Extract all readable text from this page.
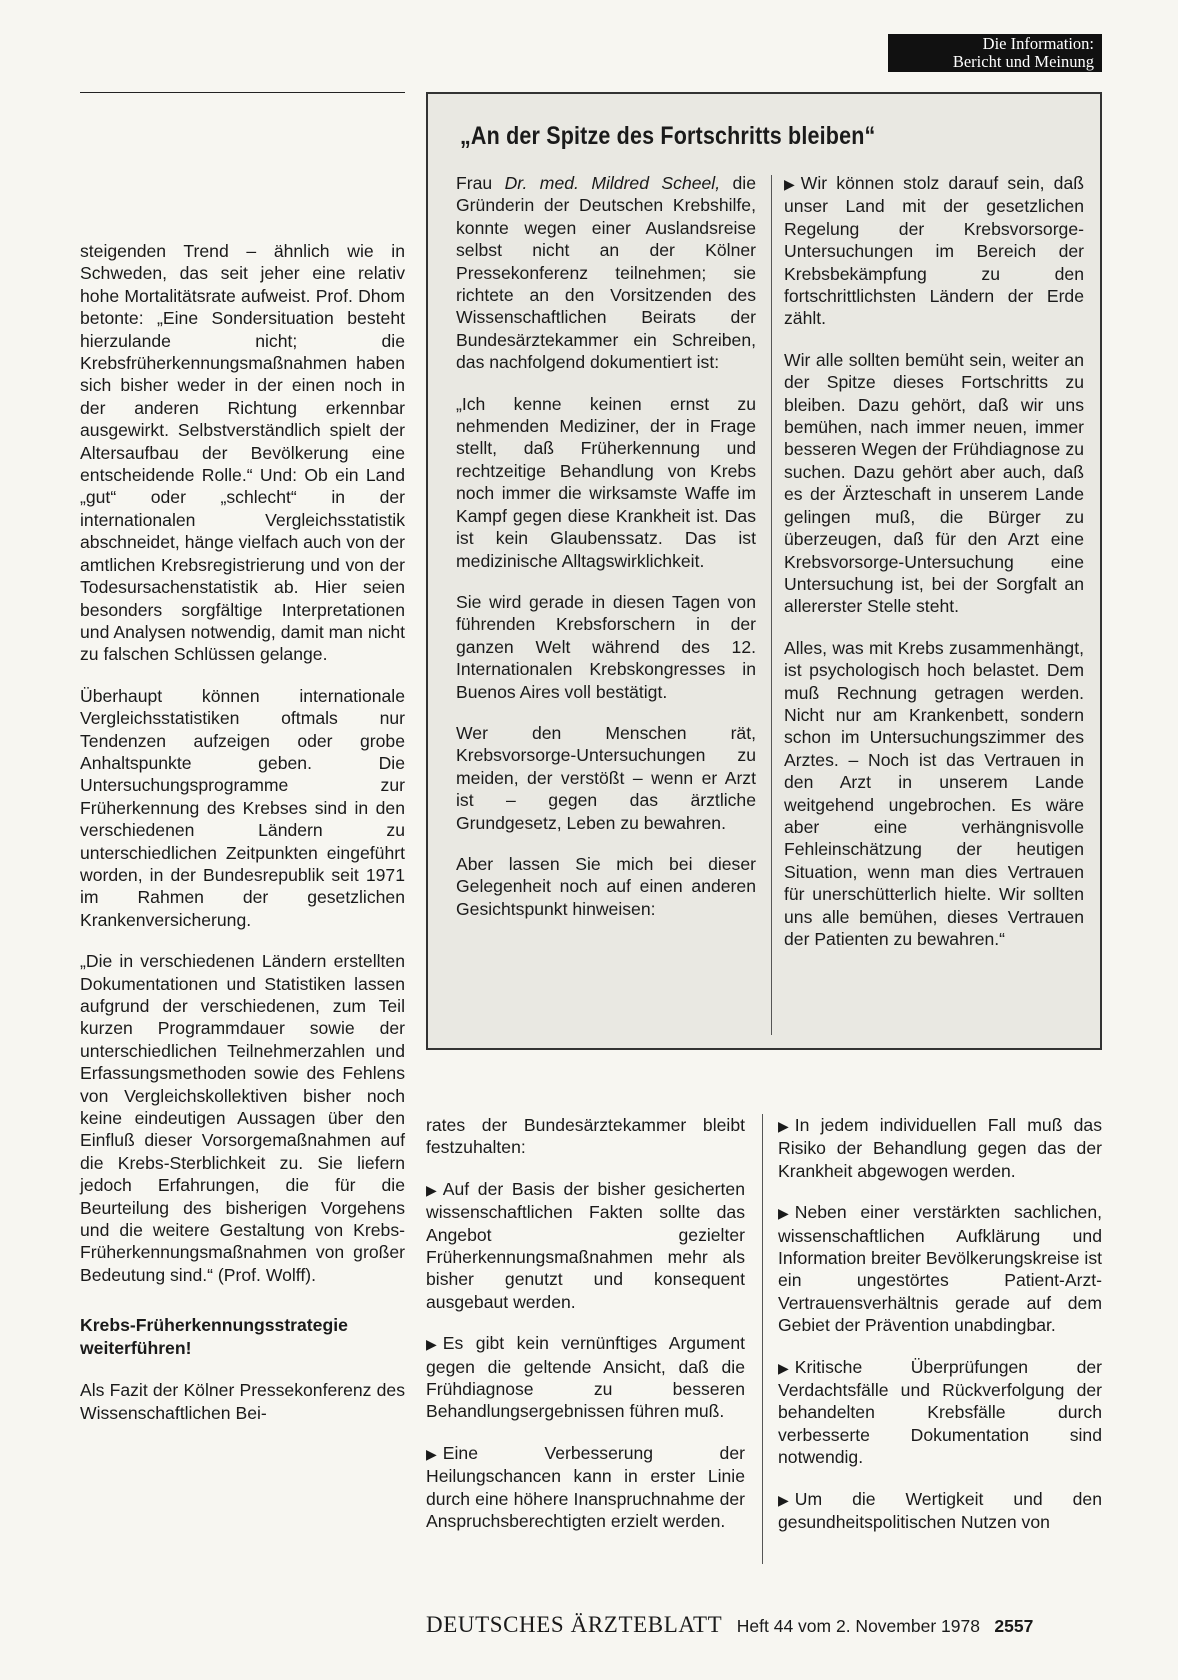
Die Information:
Bericht und Meinung

steigenden Trend – ähnlich wie in Schweden, das seit jeher eine relativ hohe Mortalitätsrate aufweist. Prof. Dhom betonte: „Eine Sondersituation besteht hierzulande nicht; die Krebsfrüherkennungsmaßnahmen haben sich bisher weder in der einen noch in der anderen Richtung erkennbar ausgewirkt. Selbstverständlich spielt der Altersaufbau der Bevölkerung eine entscheidende Rolle.“ Und: Ob ein Land „gut“ oder „schlecht“ in der internationalen Vergleichsstatistik abschneidet, hänge vielfach auch von der amtlichen Krebsregistrierung und von der Todesursachenstatistik ab. Hier seien besonders sorgfältige Interpretationen und Analysen notwendig, damit man nicht zu falschen Schlüssen gelange.

Überhaupt können internationale Vergleichsstatistiken oftmals nur Tendenzen aufzeigen oder grobe Anhaltspunkte geben. Die Untersuchungsprogramme zur Früherkennung des Krebses sind in den verschiedenen Ländern zu unterschiedlichen Zeitpunkten eingeführt worden, in der Bundesrepublik seit 1971 im Rahmen der gesetzlichen Krankenversicherung.

„Die in verschiedenen Ländern erstellten Dokumentationen und Statistiken lassen aufgrund der verschiedenen, zum Teil kurzen Programmdauer sowie der unterschiedlichen Teilnehmerzahlen und Erfassungsmethoden sowie des Fehlens von Vergleichskollektiven bisher noch keine eindeutigen Aussagen über den Einfluß dieser Vorsorgemaßnahmen auf die Krebs-Sterblichkeit zu. Sie liefern jedoch Erfahrungen, die für die Beurteilung des bisherigen Vorgehens und die weitere Gestaltung von Krebs-Früherkennungsmaßnahmen von großer Bedeutung sind.“ (Prof. Wolff).

Krebs-Früherkennungsstrategie weiterführen!

Als Fazit der Kölner Pressekonferenz des Wissenschaftlichen Bei-

„An der Spitze des Fortschritts bleiben“

Frau Dr. med. Mildred Scheel, die Gründerin der Deutschen Krebshilfe, konnte wegen einer Auslandsreise selbst nicht an der Kölner Pressekonferenz teilnehmen; sie richtete an den Vorsitzenden des Wissenschaftlichen Beirats der Bundesärztekammer ein Schreiben, das nachfolgend dokumentiert ist:

„Ich kenne keinen ernst zu nehmenden Mediziner, der in Frage stellt, daß Früherkennung und rechtzeitige Behandlung von Krebs noch immer die wirksamste Waffe im Kampf gegen diese Krankheit ist. Das ist kein Glaubenssatz. Das ist medizinische Alltagswirklichkeit.

Sie wird gerade in diesen Tagen von führenden Krebsforschern in der ganzen Welt während des 12. Internationalen Krebskongresses in Buenos Aires voll bestätigt.

Wer den Menschen rät, Krebsvorsorge-Untersuchungen zu meiden, der verstößt – wenn er Arzt ist – gegen das ärztliche Grundgesetz, Leben zu bewahren.

Aber lassen Sie mich bei dieser Gelegenheit noch auf einen anderen Gesichtspunkt hinweisen:

▶ Wir können stolz darauf sein, daß unser Land mit der gesetzlichen Regelung der Krebsvorsorge-Untersuchungen im Bereich der Krebsbekämpfung zu den fortschrittlichsten Ländern der Erde zählt.

Wir alle sollten bemüht sein, weiter an der Spitze dieses Fortschritts zu bleiben. Dazu gehört, daß wir uns bemühen, nach immer neuen, immer besseren Wegen der Frühdiagnose zu suchen. Dazu gehört aber auch, daß es der Ärzteschaft in unserem Lande gelingen muß, die Bürger zu überzeugen, daß für den Arzt eine Krebsvorsorge-Untersuchung eine Untersuchung ist, bei der Sorgfalt an allererster Stelle steht.

Alles, was mit Krebs zusammenhängt, ist psychologisch hoch belastet. Dem muß Rechnung getragen werden. Nicht nur am Krankenbett, sondern schon im Untersuchungszimmer des Arztes. – Noch ist das Vertrauen in den Arzt in unserem Lande weitgehend ungebrochen. Es wäre aber eine verhängnisvolle Fehleinschätzung der heutigen Situation, wenn man dies Vertrauen für unerschütterlich hielte. Wir sollten uns alle bemühen, dieses Vertrauen der Patienten zu bewahren.“

rates der Bundesärztekammer bleibt festzuhalten:

▶ Auf der Basis der bisher gesicherten wissenschaftlichen Fakten sollte das Angebot gezielter Früherkennungsmaßnahmen mehr als bisher genutzt und konsequent ausgebaut werden.

▶ Es gibt kein vernünftiges Argument gegen die geltende Ansicht, daß die Frühdiagnose zu besseren Behandlungsergebnissen führen muß.

▶ Eine Verbesserung der Heilungschancen kann in erster Linie durch eine höhere Inanspruchnahme der Anspruchsberechtigten erzielt werden.

▶ In jedem individuellen Fall muß das Risiko der Behandlung gegen das der Krankheit abgewogen werden.

▶ Neben einer verstärkten sachlichen, wissenschaftlichen Aufklärung und Information breiter Bevölkerungskreise ist ein ungestörtes Patient-Arzt-Vertrauensverhältnis gerade auf dem Gebiet der Prävention unabdingbar.

▶ Kritische Überprüfungen der Verdachtsfälle und Rückverfolgung der behandelten Krebsfälle durch verbesserte Dokumentation sind notwendig.

▶ Um die Wertigkeit und den gesundheitspolitischen Nutzen von

DEUTSCHES ÄRZTEBLATT Heft 44 vom 2. November 1978 2557
